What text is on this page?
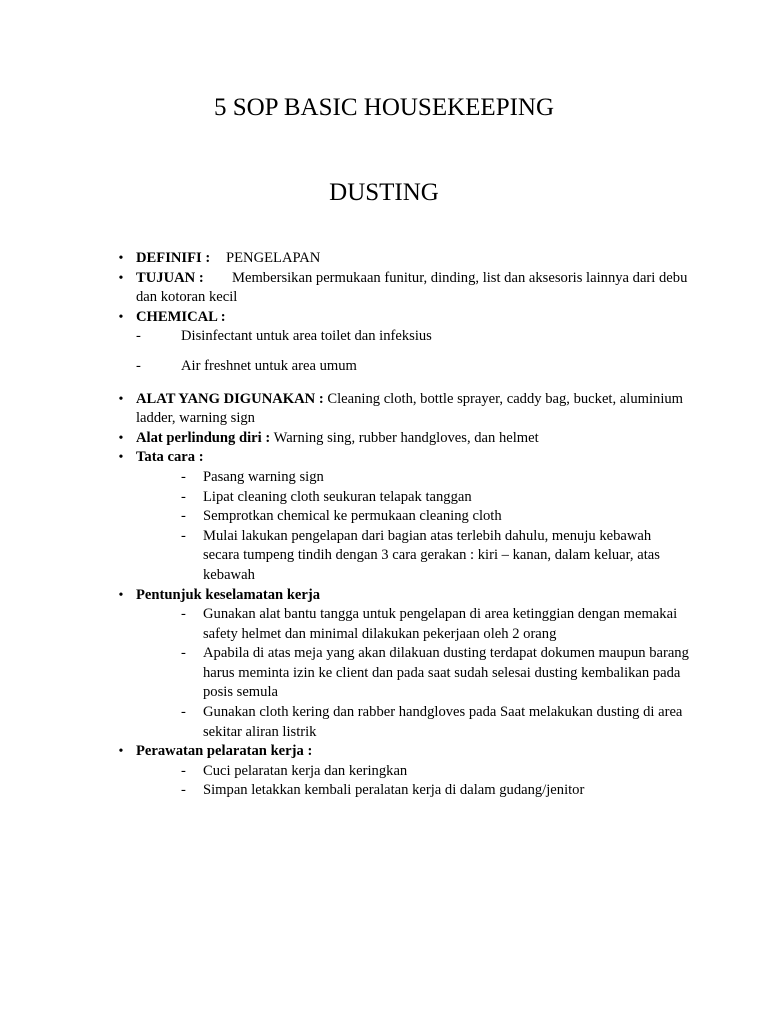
5 SOP BASIC HOUSEKEEPING
DUSTING
• DEFINIFI : PENGELAPAN
• TUJUAN : Membersikan permukaan funitur, dinding, list dan aksesoris lainnya dari debu dan kotoran kecil
• CHEMICAL :
-	Disinfectant untuk area toilet dan infeksius
-	Air freshnet untuk area umum
• ALAT YANG DIGUNAKAN : Cleaning cloth, bottle sprayer, caddy bag, bucket, aluminium ladder, warning sign
• Alat perlindung diri : Warning sing, rubber handgloves, dan helmet
• Tata cara :
- Pasang warning sign
- Lipat cleaning cloth seukuran telapak tanggan
- Semprotkan chemical ke permukaan cleaning cloth
- Mulai lakukan pengelapan dari bagian atas terlebih dahulu, menuju kebawah secara tumpeng tindih dengan 3 cara gerakan : kiri – kanan, dalam keluar, atas kebawah
• Pentunjuk keselamatan kerja
- Gunakan alat bantu tangga untuk pengelapan di area ketinggian dengan memakai safety helmet dan minimal dilakukan pekerjaan oleh 2 orang
- Apabila di atas meja yang akan dilakuan dusting terdapat dokumen maupun barang harus meminta izin ke client dan pada saat sudah selesai dusting kembalikan pada posis semula
- Gunakan cloth kering dan rabber handgloves pada Saat melakukan dusting di area sekitar aliran listrik
• Perawatan pelaratan kerja :
- Cuci pelaratan kerja dan keringkan
- Simpan letakkan kembali peralatan kerja di dalam gudang/jenitor
